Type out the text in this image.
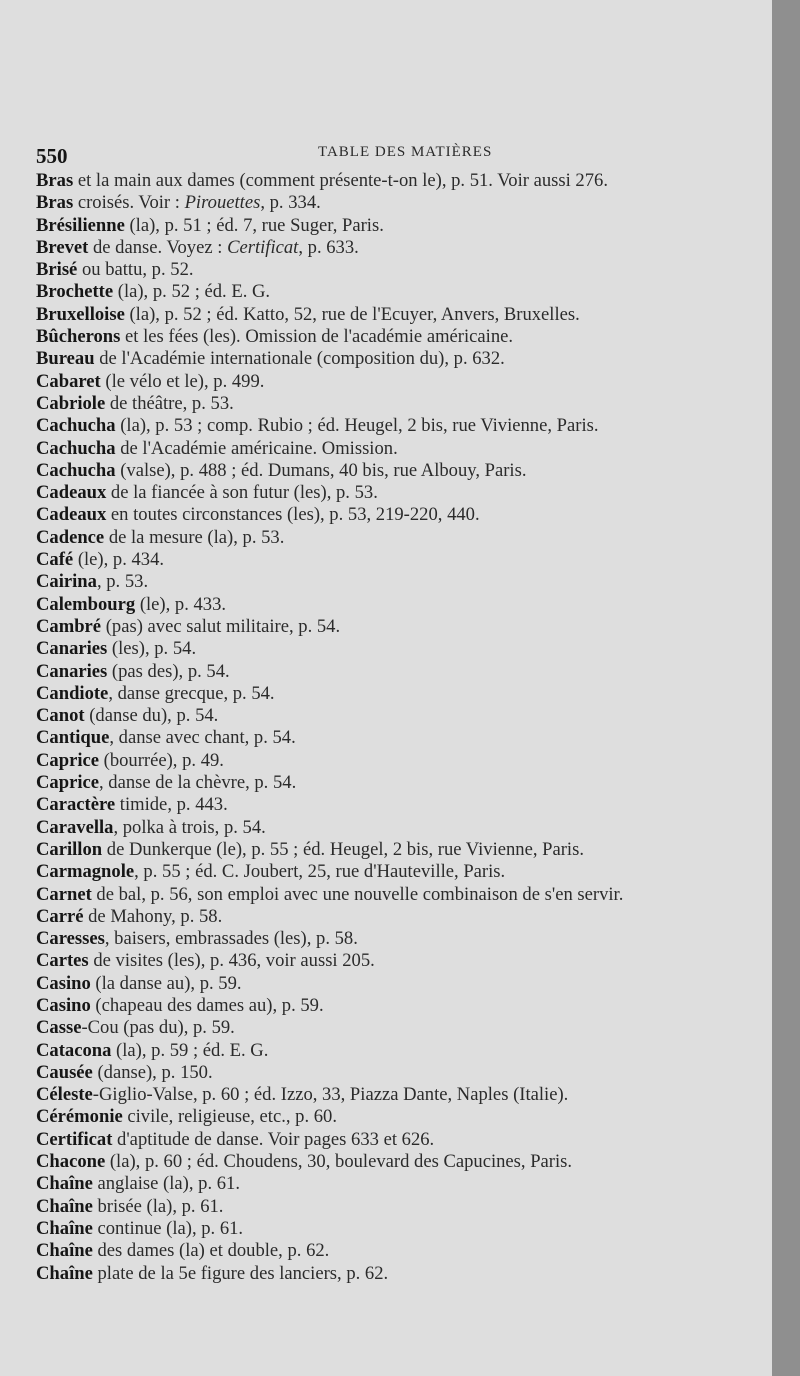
550	TABLE DES MATIÈRES
Bras et la main aux dames (comment présente-t-on le), p. 51. Voir aussi 276.
Bras croisés. Voir : Pirouettes, p. 334.
Brésilienne (la), p. 51 ; éd. 7, rue Suger, Paris.
Brevet de danse. Voyez : Certificat, p. 633.
Brisé ou battu, p. 52.
Brochette (la), p. 52 ; éd. E. G.
Bruxelloise (la), p. 52 ; éd. Katto, 52, rue de l'Ecuyer, Anvers, Bruxelles.
Bûcherons et les fées (les). Omission de l'académie américaine.
Bureau de l'Académie internationale (composition du), p. 632.
Cabaret (le vélo et le), p. 499.
Cabriole de théâtre, p. 53.
Cachucha (la), p. 53 ; comp. Rubio ; éd. Heugel, 2 bis, rue Vivienne, Paris.
Cachucha de l'Académie américaine. Omission.
Cachucha (valse), p. 488 ; éd. Dumans, 40 bis, rue Albouy, Paris.
Cadeaux de la fiancée à son futur (les), p. 53.
Cadeaux en toutes circonstances (les), p. 53, 219-220, 440.
Cadence de la mesure (la), p. 53.
Café (le), p. 434.
Cairina, p. 53.
Calembourg (le), p. 433.
Cambré (pas) avec salut militaire, p. 54.
Canaries (les), p. 54.
Canaries (pas des), p. 54.
Candiote, danse grecque, p. 54.
Canot (danse du), p. 54.
Cantique, danse avec chant, p. 54.
Caprice (bourrée), p. 49.
Caprice, danse de la chèvre, p. 54.
Caractère timide, p. 443.
Caravella, polka à trois, p. 54.
Carillon de Dunkerque (le), p. 55 ; éd. Heugel, 2 bis, rue Vivienne, Paris.
Carmagnole, p. 55 ; éd. C. Joubert, 25, rue d'Hauteville, Paris.
Carnet de bal, p. 56, son emploi avec une nouvelle combinaison de s'en servir.
Carré de Mahony, p. 58.
Caresses, baisers, embrassades (les), p. 58.
Cartes de visites (les), p. 436, voir aussi 205.
Casino (la danse au), p. 59.
Casino (chapeau des dames au), p. 59.
Casse-Cou (pas du), p. 59.
Catacona (la), p. 59 ; éd. E. G.
Causée (danse), p. 150.
Céleste-Giglio-Valse, p. 60 ; éd. Izzo, 33, Piazza Dante, Naples (Italie).
Cérémonie civile, religieuse, etc., p. 60.
Certificat d'aptitude de danse. Voir pages 633 et 626.
Chacone (la), p. 60 ; éd. Choudens, 30, boulevard des Capucines, Paris.
Chaîne anglaise (la), p. 61.
Chaîne brisée (la), p. 61.
Chaîne continue (la), p. 61.
Chaîne des dames (la) et double, p. 62.
Chaîne plate de la 5e figure des lanciers, p. 62.
